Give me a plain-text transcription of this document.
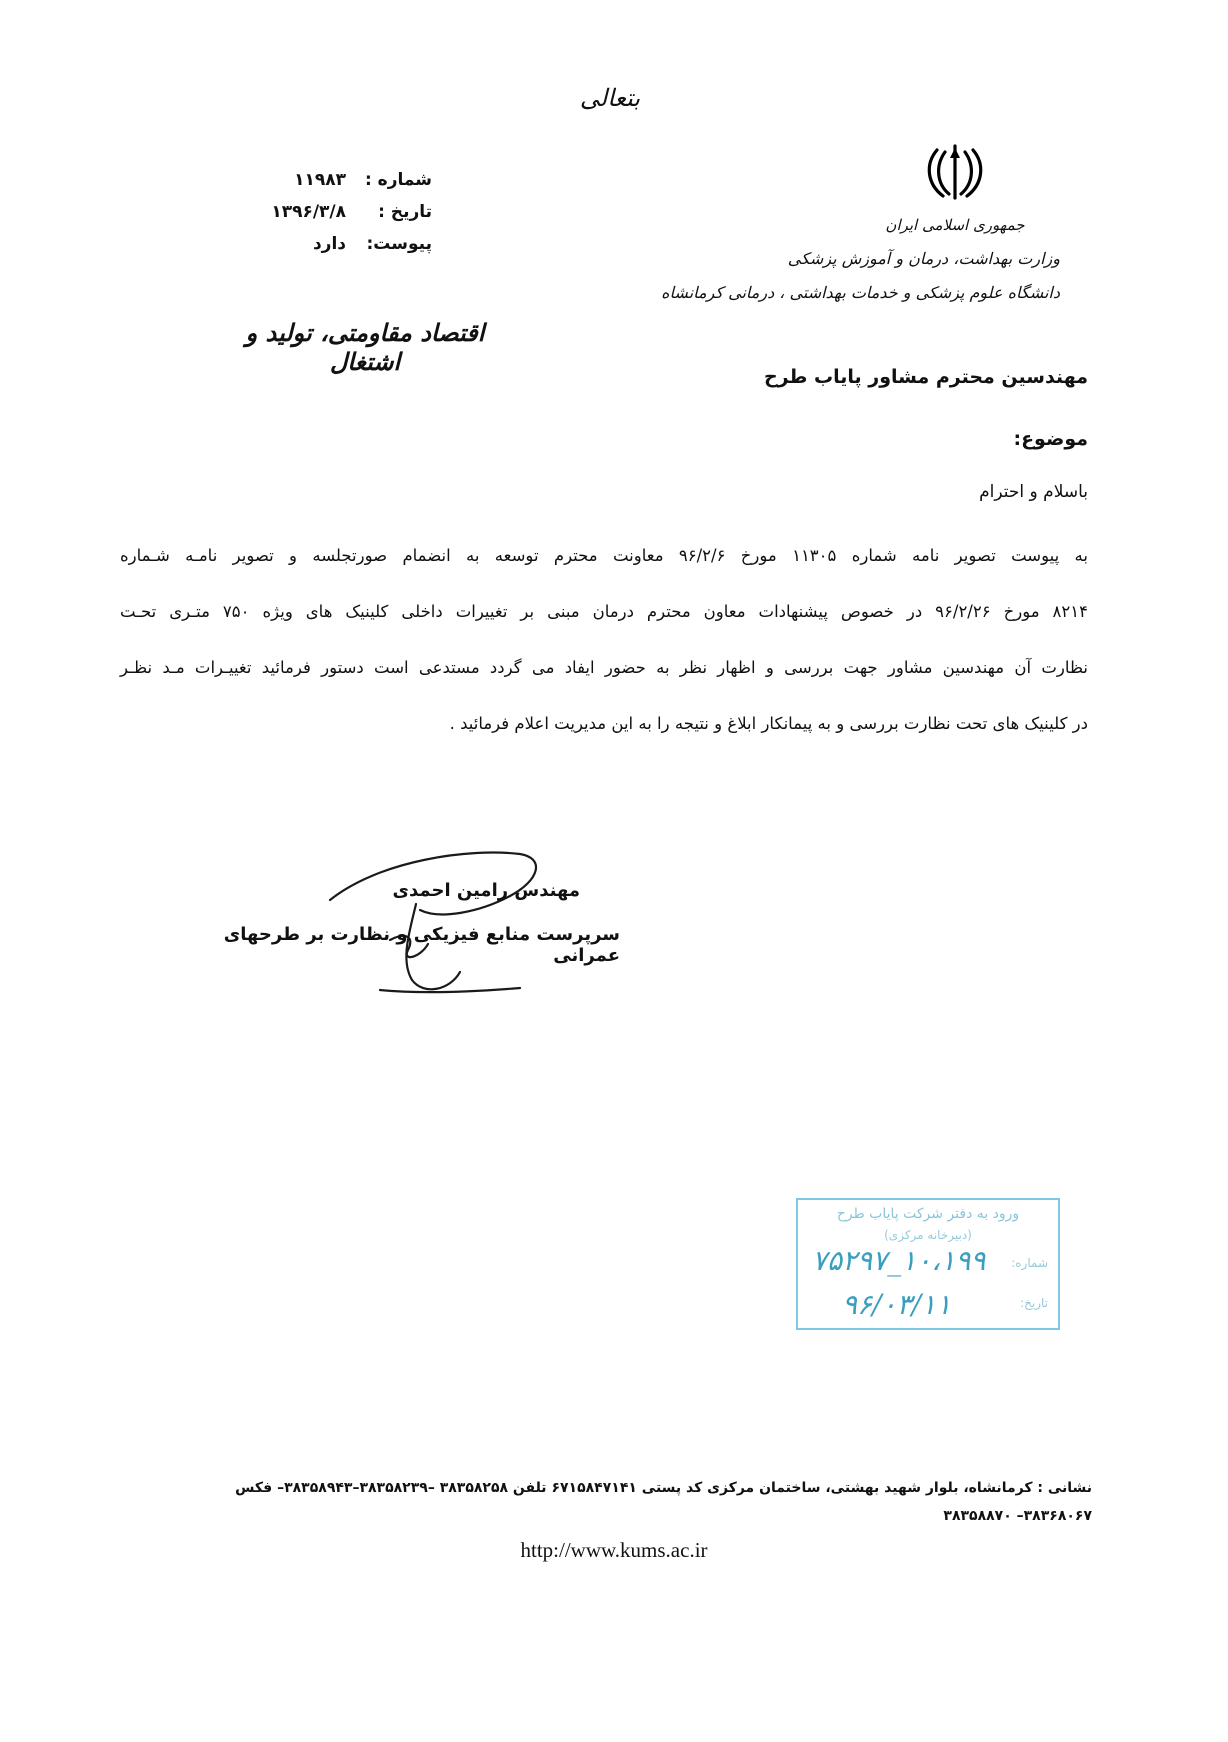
بتعالی
جمهوری اسلامی ایران
وزارت بهداشت، درمان و آموزش پزشکی
دانشگاه علوم پزشکی و خدمات بهداشتی ، درمانی کرمانشاه
شماره :
۱۱۹۸۳
تاریخ :
۱۳۹۶/۳/۸
پیوست:
دارد
اقتصاد مقاومتی، تولید و اشتغال
مهندسین محترم مشاور پایاب طرح
موضوع:
باسلام و احترام
به پیوست تصویر نامه شماره ۱۱۳۰۵ مورخ ۹۶/۲/۶ معاونت محترم توسعه به انضمام صورتجلسه و تصویر نامـه شـماره
۸۲۱۴ مورخ ۹۶/۲/۲۶ در خصوص پیشنهادات معاون محترم درمان مبنی بر تغییرات داخلی کلینیک های ویژه ۷۵۰ متـری تحـت
نظارت آن مهندسین مشاور جهت بررسی و اظهار نظر به حضور ایفاد می گردد مستدعی است دستور فرمائید تغییـرات مـد نظـر
در کلینیک های تحت نظارت بررسی و به پیمانکار ابلاغ و نتیجه را به این مدیریت اعلام فرمائید .
مهندس رامین احمدی
سرپرست منابع فیزیکی و نظارت بر طرحهای عمرانی
ورود به دفتر شرکت پایاب طرح
(دبیرخانه مرکزی)
شماره:
۱۰،۱۹۹_۷۵۲۹۷
تاریخ:
۹۶/۰۳/۱۱
نشانی : کرمانشاه، بلوار شهید بهشتی، ساختمان مرکزی کد پستی ۶۷۱۵۸۴۷۱۴۱ تلفن ۳۸۳۵۸۲۵۸ –۳۸۳۵۸۲۳۹–۳۸۳۵۸۹۴۳– فکس ۳۸۳۶۸۰۶۷– ۳۸۳۵۸۸۷۰
http://www.kums.ac.ir
